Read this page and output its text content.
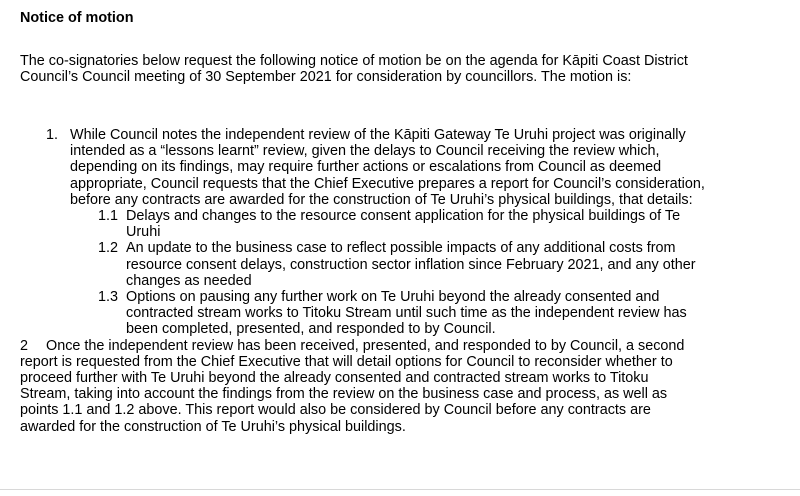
Notice of motion

The co-signatories below request the following notice of motion be on the agenda for Kāpiti Coast District

Council’s Council meeting of 30 September 2021 for consideration by councillors. The motion is:

1. While Council notes the independent review of the Kāpiti Gateway Te Uruhi project was originally
intended as a “lessons learnt” review, given the delays to Council receiving the review which,
depending on its findings, may require further actions or escalations from Council as deemed
appropriate, Council requests that the Chief Executive prepares a report for Council’s consideration,
before any contracts are awarded for the construction of Te Uruhi’s physical buildings, that details:
1.1 Delays and changes to the resource consent application for the physical buildings of Te
Uruhi
1.2 An update to the business case to reflect possible impacts of any additional costs from
resource consent delays, construction sector inflation since February 2021, and any other
changes as needed
1.3 Options on pausing any further work on Te Uruhi beyond the already consented and
contracted stream works to Titoku Stream until such time as the independent review has
been completed, presented, and responded to by Council.
2 Once the independent review has been received, presented, and responded to by Council, a second
report is requested from the Chief Executive that will detail options for Council to reconsider whether to
proceed further with Te Uruhi beyond the already consented and contracted stream works to Titoku
Stream, taking into account the findings from the review on the business case and process, as well as
points 1.1 and 1.2 above. This report would also be considered by Council before any contracts are
awarded for the construction of Te Uruhi’s physical buildings.
